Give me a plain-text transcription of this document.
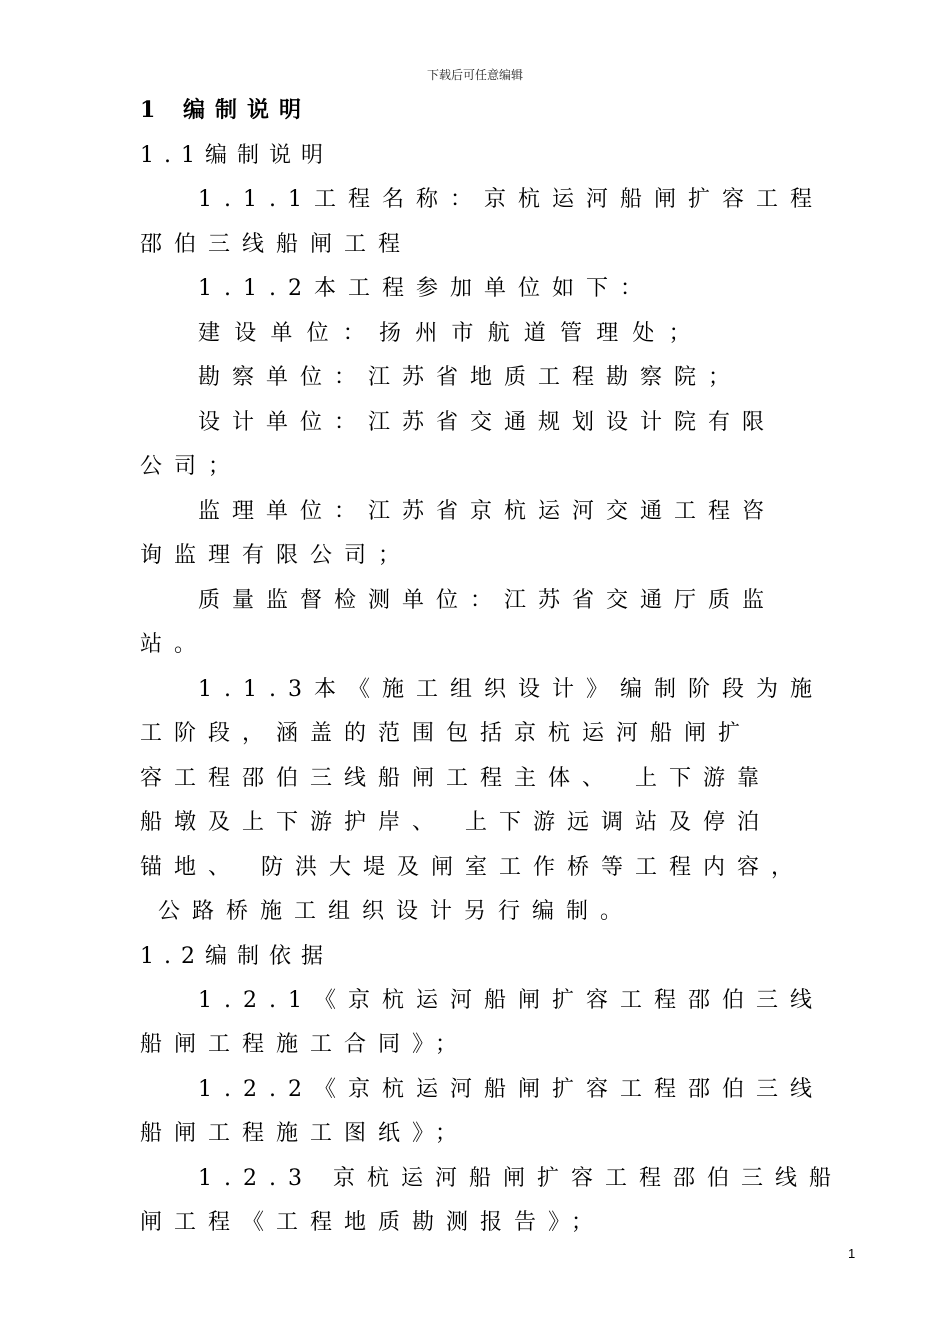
下载后可任意编辑
1 编制说明
1.1编制说明
1.1.1工程名称：京杭运河船闸扩容工程
邵伯三线船闸工程
1.1.2本工程参加单位如下：
建设单位：扬州市航道管理处；
勘察单位：江苏省地质工程勘察院；
设计单位：江苏省交通规划设计院有限
公司；
监理单位：江苏省京杭运河交通工程咨
询监理有限公司；
质量监督检测单位：江苏省交通厅质监
站。
1.1.3本《施工组织设计》编制阶段为施
工阶段，涵盖的范围包括京杭运河船闸扩
容工程邵伯三线船闸工程主体、 上下游靠
船墩及上下游护岸、 上下游远调站及停泊
锚地、 防洪大堤及闸室工作桥等工程内容，
公路桥施工组织设计另行编制。
1.2编制依据
1.2.1《京杭运河船闸扩容工程邵伯三线
船闸工程施工合同》；
1.2.2《京杭运河船闸扩容工程邵伯三线
船闸工程施工图纸》；
1.2.3 京杭运河船闸扩容工程邵伯三线船
闸工程《工程地质勘测报告》；
1
